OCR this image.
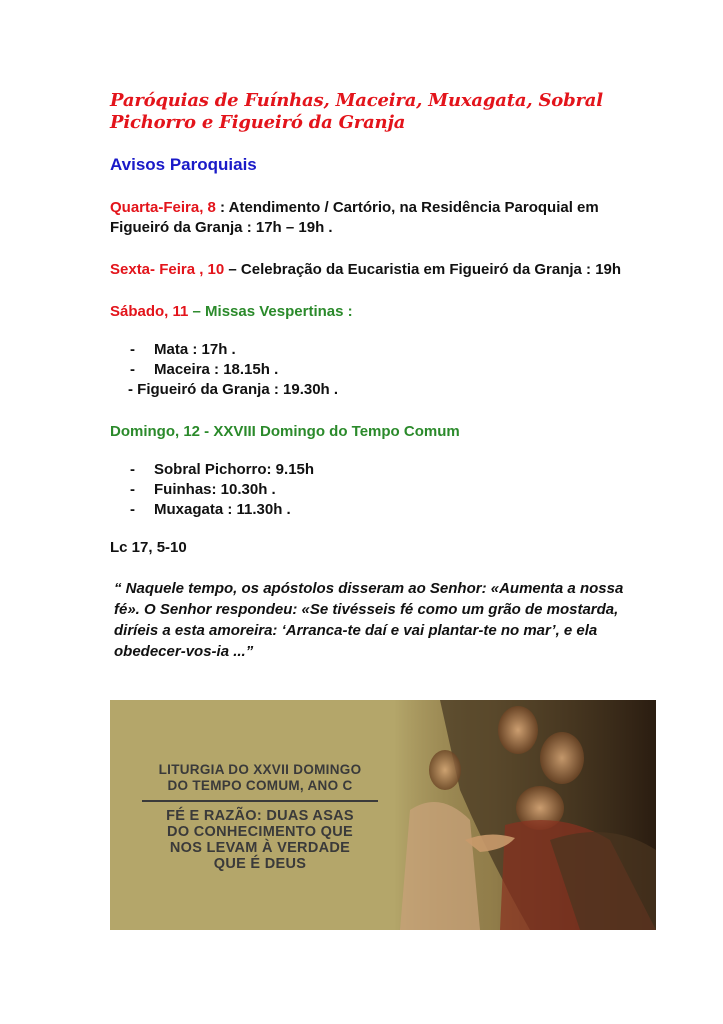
Paróquias de Fuínhas, Maceira, Muxagata, Sobral
Pichorro e Figueiró da Granja

Avisos Paroquiais

Quarta-Feira, 8 : Atendimento / Cartório, na Residência Paroquial em Figueiró da Granja : 17h – 19h .

Sexta- Feira , 10 – Celebração da Eucaristia em Figueiró da Granja : 19h

Sábado, 11 – Missas Vespertinas :

- Mata : 17h .
- Maceira : 18.15h .
- Figueiró da Granja : 19.30h .

Domingo, 12 - XXVIII Domingo do Tempo Comum

- Sobral Pichorro: 9.15h
- Fuinhas: 10.30h .
- Muxagata : 11.30h .

Lc 17, 5-10

“ Naquele tempo, os apóstolos disseram ao Senhor: «Aumenta a nossa fé». O Senhor respondeu: «Se tivésseis fé como um grão de mostarda, diríeis a esta amoreira: ‘Arranca-te daí e vai plantar-te no mar’, e ela obedecer-vos-ia ...”

LITURGIA DO XXVII DOMINGO
DO TEMPO COMUM, ANO C
FÉ E RAZÃO: DUAS ASAS
DO CONHECIMENTO QUE
NOS LEVAM À VERDADE
QUE É DEUS
